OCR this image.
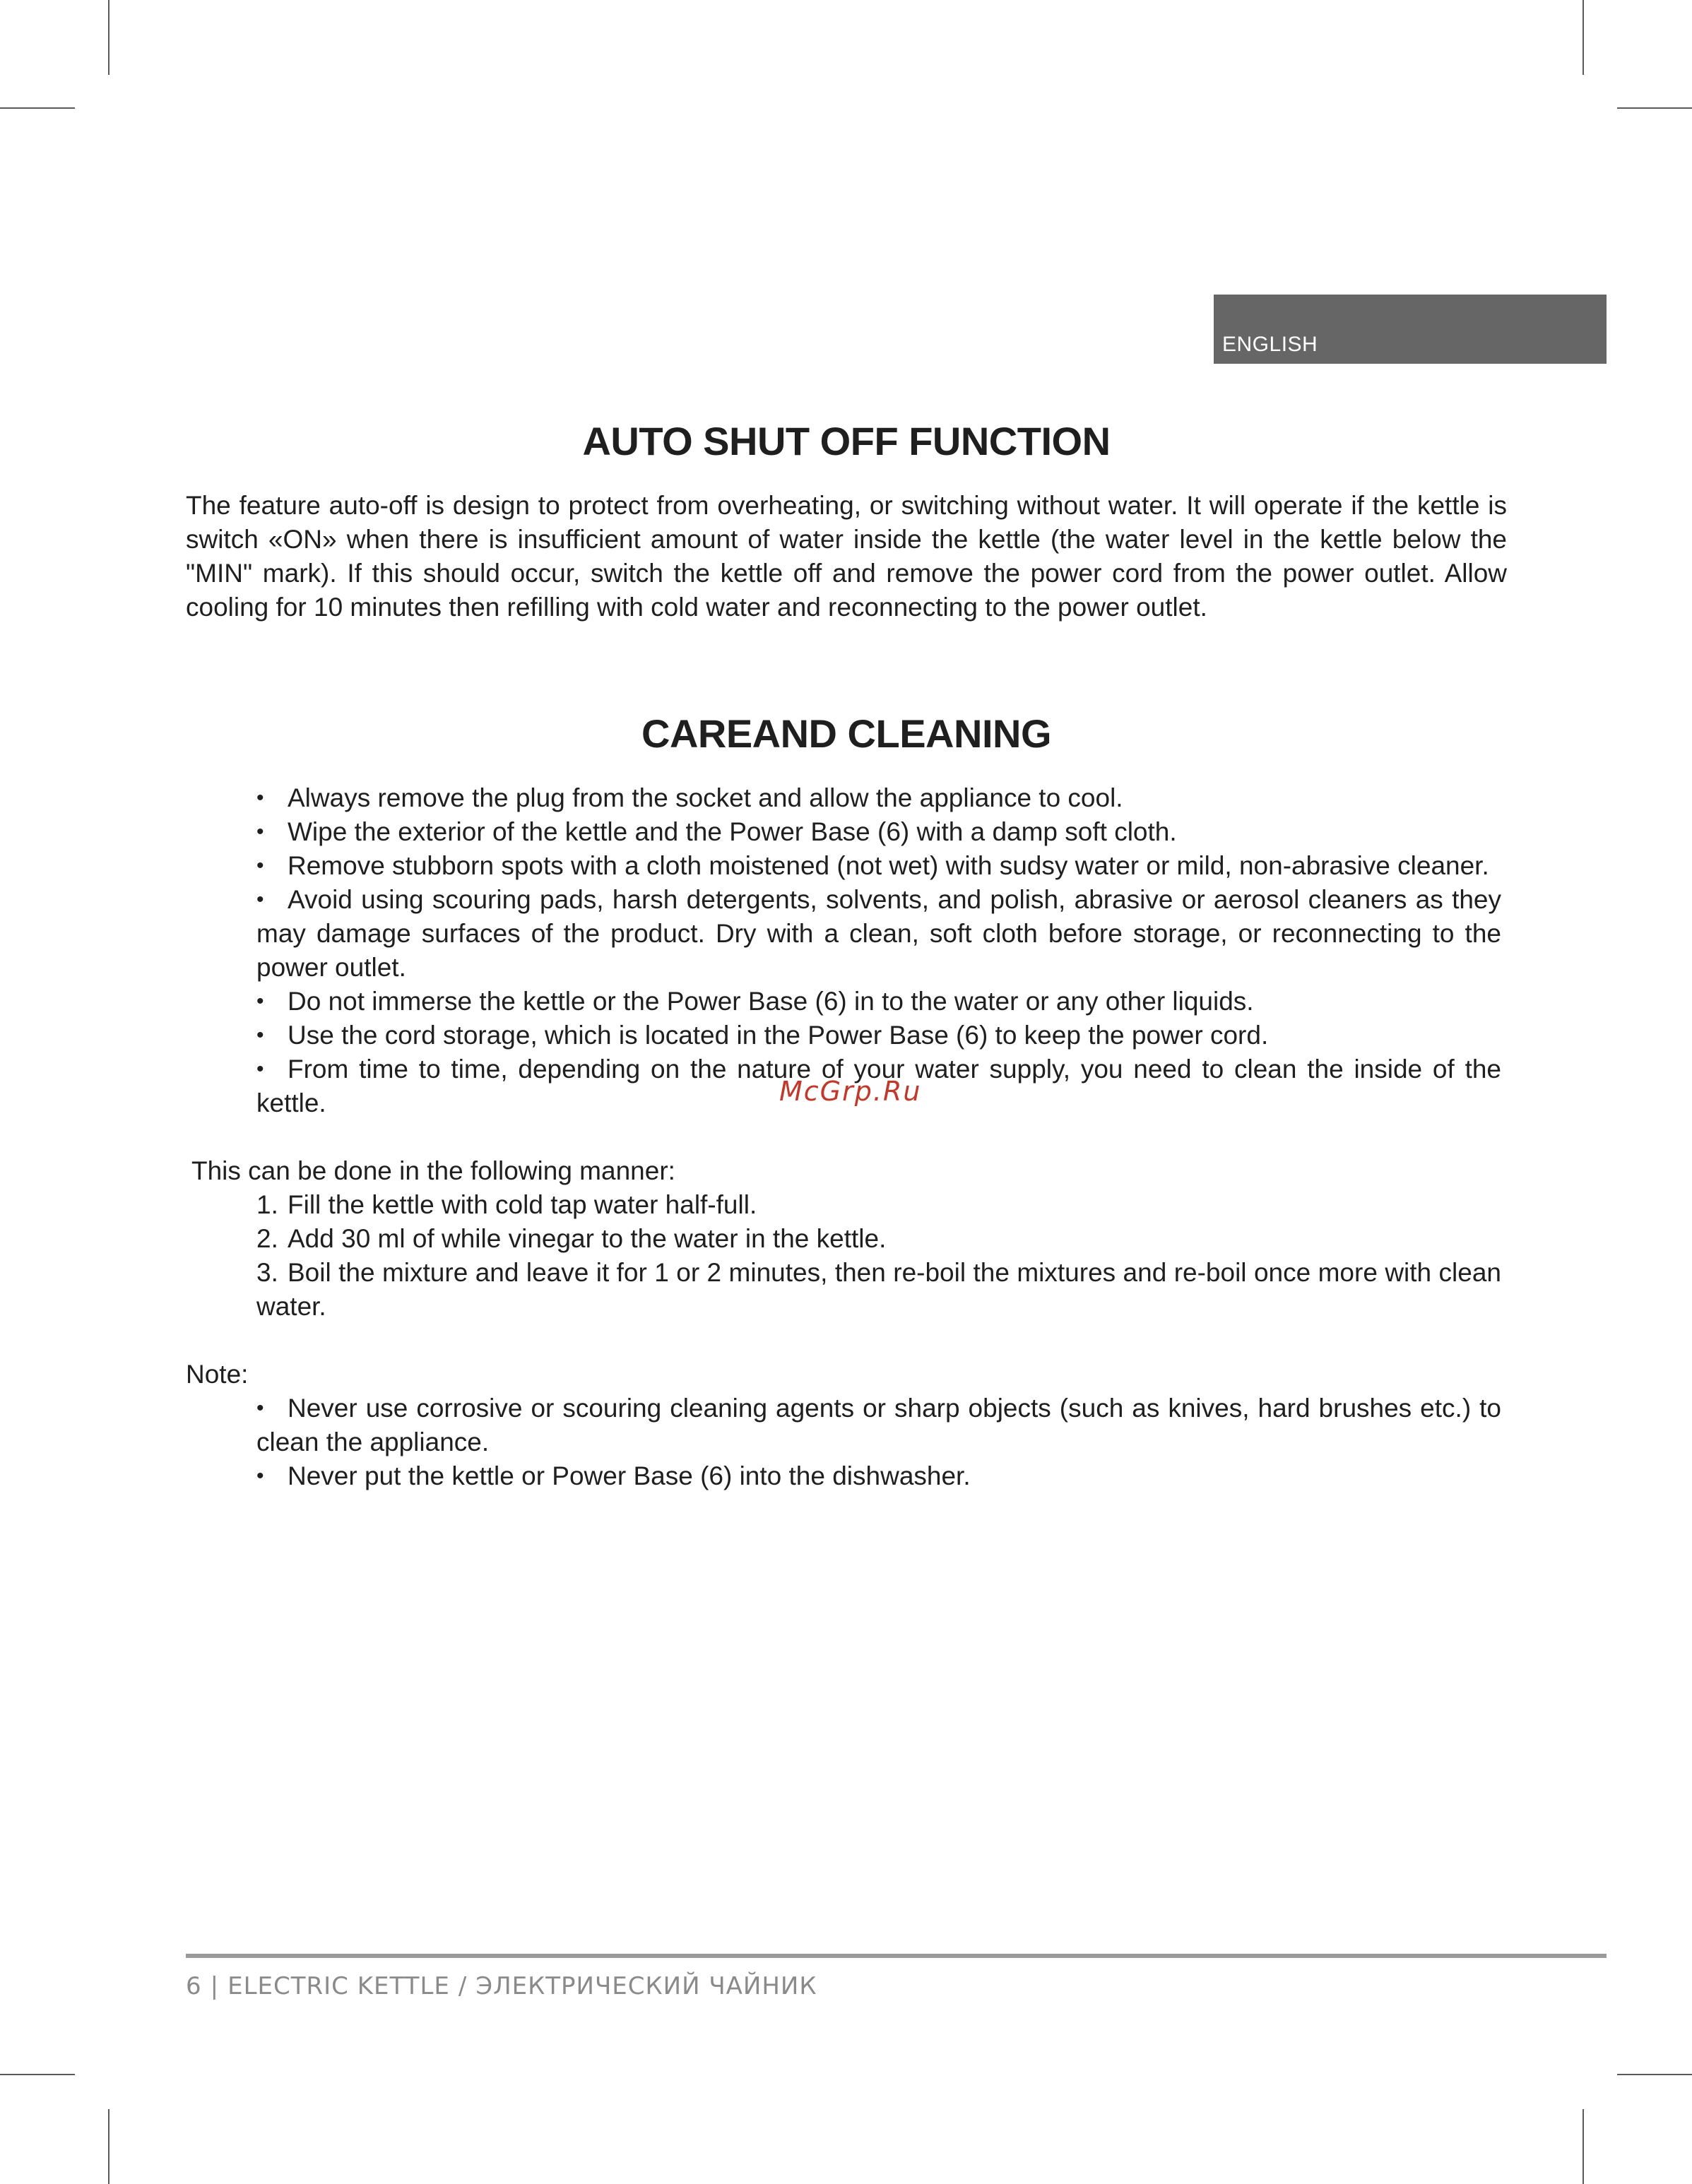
ENGLISH
AUTO SHUT OFF FUNCTION

The feature auto-off is design to protect from overheating, or switching without water. It will operate if the kettle is switch «ON» when there is insufficient amount of water inside the kettle (the water level in the kettle below the "MIN" mark). If this should occur, switch the kettle off and remove the power cord from the power outlet. Allow cooling for 10 minutes then refilling with cold water and reconnecting to the power outlet.

CAREAND CLEANING
• Always remove the plug from the socket and allow the appliance to cool.
• Wipe the exterior of the kettle and the Power Base (6) with a damp soft cloth.
• Remove stubborn spots with a cloth moistened (not wet) with sudsy water or mild, non-abrasive cleaner.
• Avoid using scouring pads, harsh detergents, solvents, and polish, abrasive or aerosol cleaners as they may damage surfaces of the product. Dry with a clean, soft cloth before storage, or reconnecting to the power outlet.
• Do not immerse the kettle or the Power Base (6) in to the water or any other liquids.
• Use the cord storage, which is located in the Power Base (6) to keep the power cord.
• From time to time, depending on the nature of your water supply, you need to clean the inside of the kettle.

This can be done in the following manner:

1. Fill the kettle with cold tap water half-full.
2. Add 30 ml of while vinegar to the water in the kettle.
3. Boil the mixture and leave it for 1 or 2 minutes, then re-boil the mixtures and re-boil once more with clean water.

Note:

• Never use corrosive or scouring cleaning agents or sharp objects (such as knives, hard brushes etc.) to clean the appliance.
• Never put the kettle or Power Base (6) into the dishwasher.
McGrp.Ru
6 | ELECTRIC KETTLE / ЭЛЕКТРИЧЕСКИЙ ЧАЙНИК
